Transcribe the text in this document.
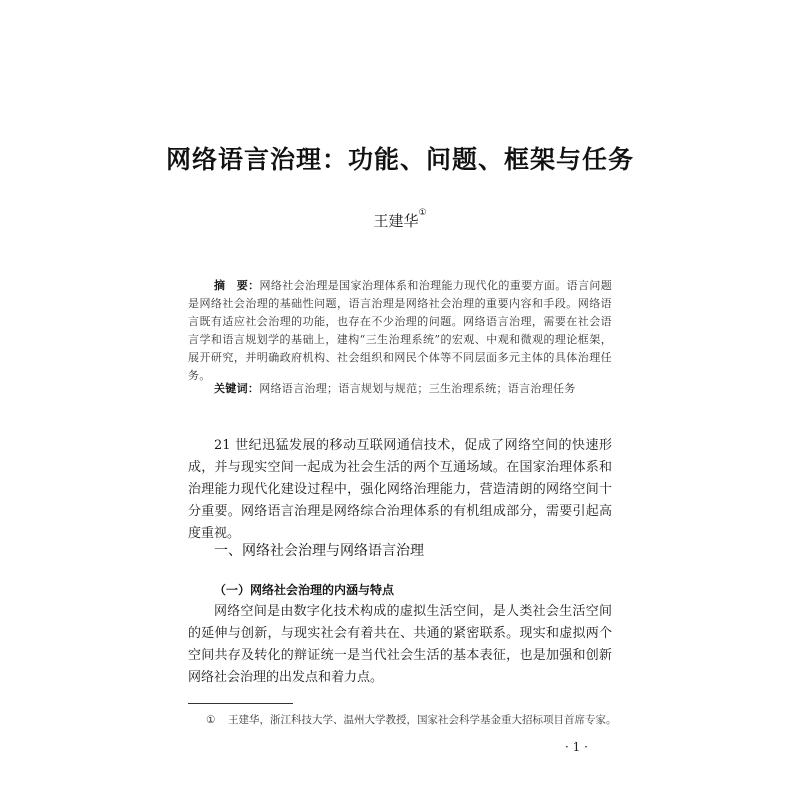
网络语言治理：功能、问题、框架与任务
王建华①
摘　要：网络社会治理是国家治理体系和治理能力现代化的重要方面。语言问题是网络社会治理的基础性问题，语言治理是网络社会治理的重要内容和手段。网络语言既有适应社会治理的功能，也存在不少治理的问题。网络语言治理，需要在社会语言学和语言规划学的基础上，建构“三生治理系统”的宏观、中观和微观的理论框架，展开研究，并明确政府机构、社会组织和网民个体等不同层面多元主体的具体治理任务。
关键词：网络语言治理；语言规划与规范；三生治理系统；语言治理任务

21 世纪迅猛发展的移动互联网通信技术，促成了网络空间的快速形成，并与现实空间一起成为社会生活的两个互通场域。在国家治理体系和治理能力现代化建设过程中，强化网络治理能力，营造清朗的网络空间十分重要。网络语言治理是网络综合治理体系的有机组成部分，需要引起高度重视。

一、网络社会治理与网络语言治理
（一）网络社会治理的内涵与特点

网络空间是由数字化技术构成的虚拟生活空间，是人类社会生活空间的延伸与创新，与现实社会有着共在、共通的紧密联系。现实和虚拟两个空间共存及转化的辩证统一是当代社会生活的基本表征，也是加强和创新网络社会治理的出发点和着力点。

① 王建华，浙江科技大学、温州大学教授，国家社会科学基金重大招标项目首席专家。
· 1 ·
